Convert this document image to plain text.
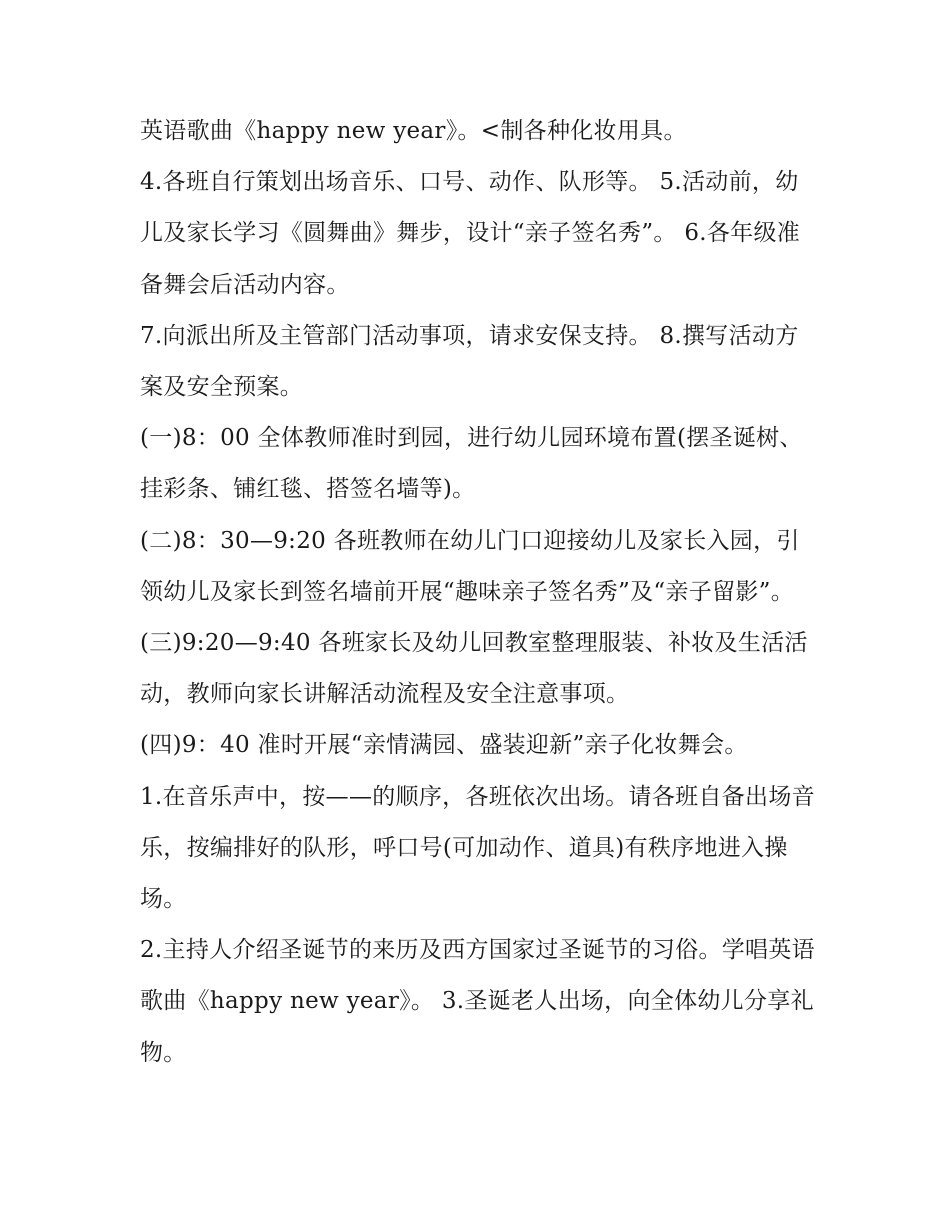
英语歌曲《happy new year》。<制各种化妆用具。

4.各班自行策划出场音乐、口号、动作、队形等。 5.活动前，幼儿及家长学习《圆舞曲》舞步，设计“亲子签名秀”。 6.各年级准备舞会后活动内容。

7.向派出所及主管部门活动事项，请求安保支持。 8.撰写活动方案及安全预案。

(一)8：00 全体教师准时到园，进行幼儿园环境布置(摆圣诞树、挂彩条、铺红毯、搭签名墙等)。

(二)8：30—9:20 各班教师在幼儿门口迎接幼儿及家长入园，引领幼儿及家长到签名墙前开展“趣味亲子签名秀”及“亲子留影”。

(三)9:20—9:40 各班家长及幼儿回教室整理服装、补妆及生活活动，教师向家长讲解活动流程及安全注意事项。

(四)9：40 准时开展“亲情满园、盛装迎新”亲子化妆舞会。

1.在音乐声中，按——的顺序，各班依次出场。请各班自备出场音乐，按编排好的队形，呼口号(可加动作、道具)有秩序地进入操场。

2.主持人介绍圣诞节的来历及西方国家过圣诞节的习俗。学唱英语歌曲《happy new year》。 3.圣诞老人出场，向全体幼儿分享礼物。
